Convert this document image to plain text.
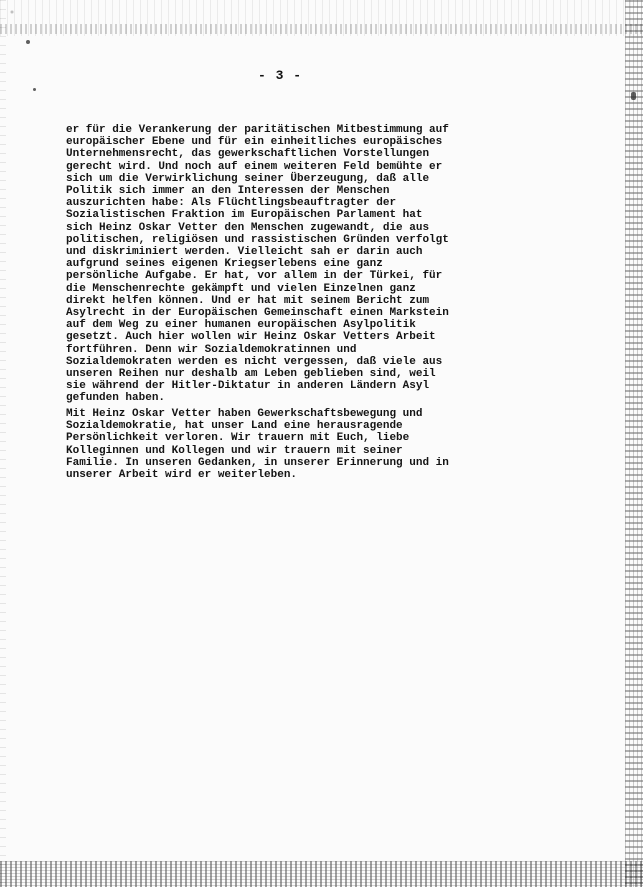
- 3 -
er für die Verankerung der paritätischen Mitbestimmung auf
europäischer Ebene und für ein einheitliches europäisches
Unternehmensrecht, das gewerkschaftlichen Vorstellungen
gerecht wird. Und noch auf einem weiteren Feld bemühte er
sich um die Verwirklichung seiner Überzeugung, daß alle
Politik sich immer an den Interessen der Menschen
auszurichten habe: Als Flüchtlingsbeauftragter der
Sozialistischen Fraktion im Europäischen Parlament hat
sich Heinz Oskar Vetter den Menschen zugewandt, die aus
politischen, religiösen und rassistischen Gründen verfolgt
und diskriminiert werden. Vielleicht sah er darin auch
aufgrund seines eigenen Kriegserlebens eine ganz
persönliche Aufgabe. Er hat, vor allem in der Türkei, für
die Menschenrechte gekämpft und vielen Einzelnen ganz
direkt helfen können. Und er hat mit seinem Bericht zum
Asylrecht in der Europäischen Gemeinschaft einen Markstein
auf dem Weg zu einer humanen europäischen Asylpolitik
gesetzt. Auch hier wollen wir Heinz Oskar Vetters Arbeit
fortführen. Denn wir Sozialdemokratinnen und
Sozialdemokraten werden es nicht vergessen, daß viele aus
unseren Reihen nur deshalb am Leben geblieben sind, weil
sie während der Hitler-Diktatur in anderen Ländern Asyl
gefunden haben.
Mit Heinz Oskar Vetter haben Gewerkschaftsbewegung und
Sozialdemokratie, hat unser Land eine herausragende
Persönlichkeit verloren. Wir trauern mit Euch, liebe
Kolleginnen und Kollegen und wir trauern mit seiner
Familie. In unseren Gedanken, in unserer Erinnerung und in
unserer Arbeit wird er weiterleben.
